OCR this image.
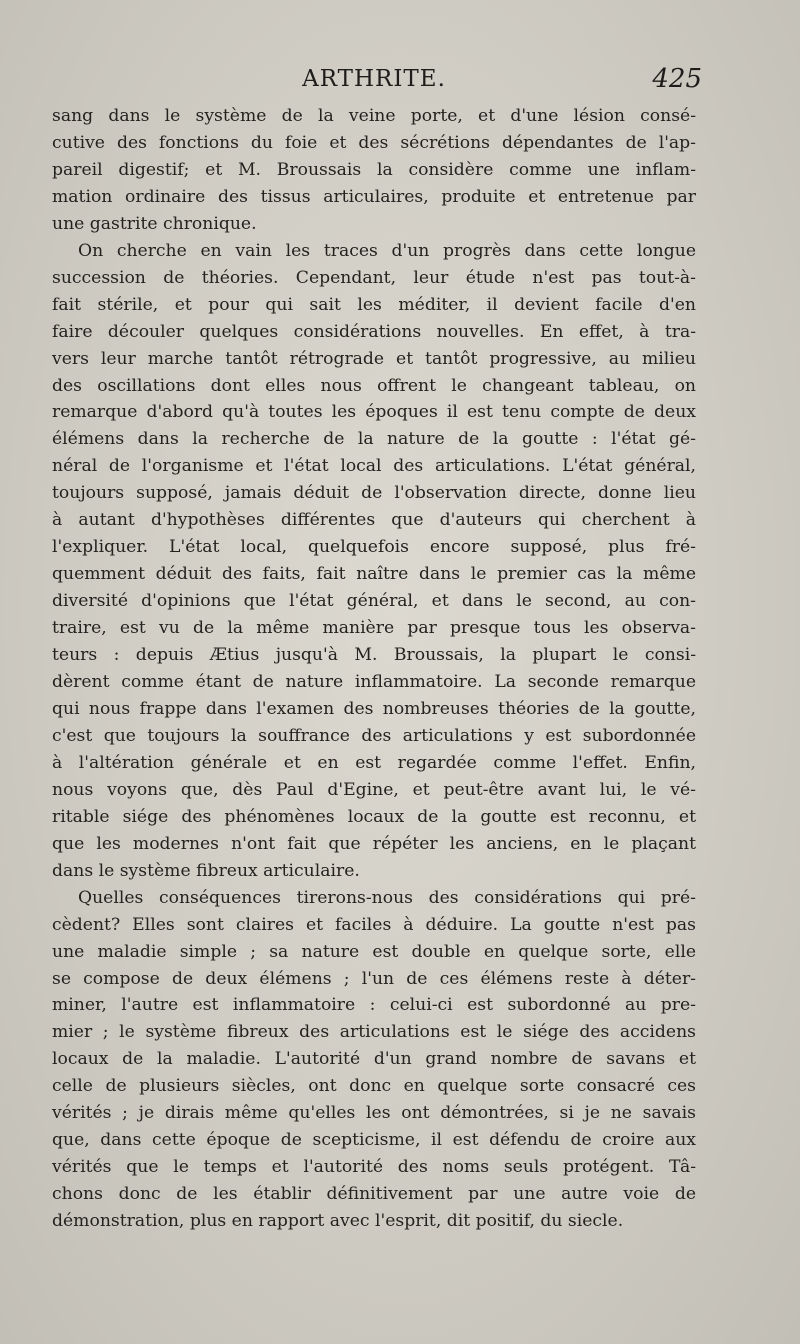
ARTHRITE.	425

sang dans le système de la veine porte, et d'une lésion consé-

cutive des fonctions du foie et des sécrétions dépendantes de l'ap-

pareil digestif; et M. Broussais la considère comme une inflam-

mation ordinaire des tissus articulaires, produite et entretenue par

une gastrite chronique.

On cherche en vain les traces d'un progrès dans cette longue

succession de théories. Cependant, leur étude n'est pas tout-à-

fait stérile, et pour qui sait les méditer, il devient facile d'en

faire découler quelques considérations nouvelles. En effet, à tra-

vers leur marche tantôt rétrograde et tantôt progressive, au milieu

des oscillations dont elles nous offrent le changeant tableau, on

remarque d'abord qu'à toutes les époques il est tenu compte de deux

élémens dans la recherche de la nature de la goutte : l'état gé-

néral de l'organisme et l'état local des articulations. L'état général,

toujours supposé, jamais déduit de l'observation directe, donne lieu

à autant d'hypothèses différentes que d'auteurs qui cherchent à

l'expliquer. L'état local, quelquefois encore supposé, plus fré-

quemment déduit des faits, fait naître dans le premier cas la même

diversité d'opinions que l'état général, et dans le second, au con-

traire, est vu de la même manière par presque tous les observa-

teurs : depuis Ætius jusqu'à M. Broussais, la plupart le consi-

dèrent comme étant de nature inflammatoire. La seconde remarque

qui nous frappe dans l'examen des nombreuses théories de la goutte,

c'est que toujours la souffrance des articulations y est subordonnée

à l'altération générale et en est regardée comme l'effet. Enfin,

nous voyons que, dès Paul d'Egine, et peut-être avant lui, le vé-

ritable siége des phénomènes locaux de la goutte est reconnu, et

que les modernes n'ont fait que répéter les anciens, en le plaçant

dans le système fibreux articulaire.

Quelles conséquences tirerons-nous des considérations qui pré-

cèdent? Elles sont claires et faciles à déduire. La goutte n'est pas

une maladie simple ; sa nature est double en quelque sorte, elle

se compose de deux élémens ; l'un de ces élémens reste à déter-

miner, l'autre est inflammatoire : celui-ci est subordonné au pre-

mier ; le système fibreux des articulations est le siége des accidens

locaux de la maladie. L'autorité d'un grand nombre de savans et

celle de plusieurs siècles, ont donc en quelque sorte consacré ces

vérités ; je dirais même qu'elles les ont démontrées, si je ne savais

que, dans cette époque de scepticisme, il est défendu de croire aux

vérités que le temps et l'autorité des noms seuls protégent. Tâ-

chons donc de les établir définitivement par une autre voie de

démonstration, plus en rapport avec l'esprit, dit positif, du siecle.
